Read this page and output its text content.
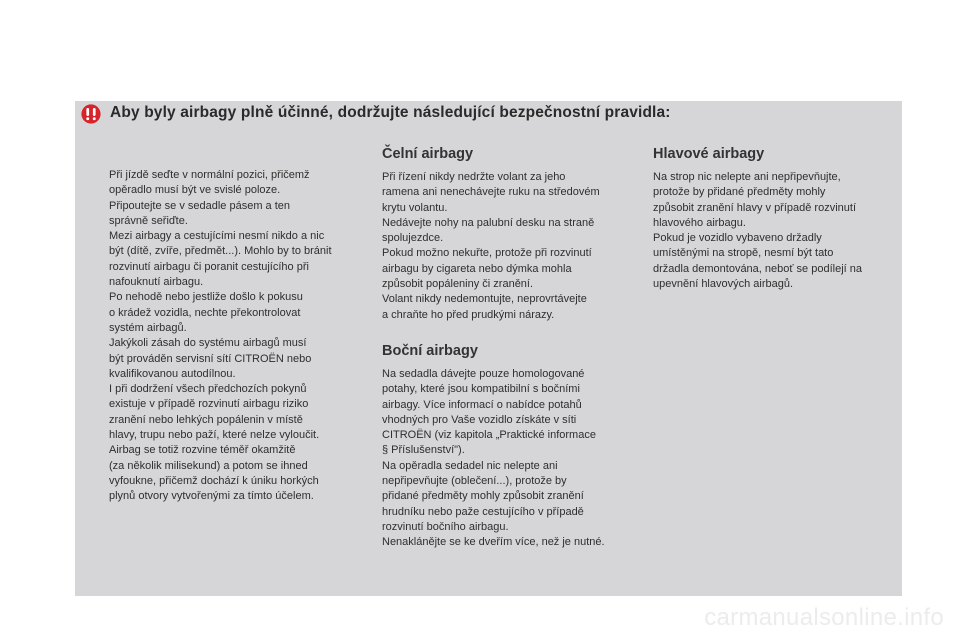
Aby byly airbagy plně účinné, dodržujte následující bezpečnostní pravidla:

Při jízdě seďte v normální pozici, přičemž
opěradlo musí být ve svislé poloze.
Připoutejte se v sedadle pásem a ten
správně seřiďte.
Mezi airbagy a cestujícími nesmí nikdo a nic
být (dítě, zvíře, předmět...). Mohlo by to bránit
rozvinutí airbagu či poranit cestujícího při
nafouknutí airbagu.
Po nehodě nebo jestliže došlo k pokusu
o krádež vozidla, nechte překontrolovat
systém airbagů.
Jakýkoli zásah do systému airbagů musí
být prováděn servisní sítí CITROËN nebo
kvalifikovanou autodílnou.
I při dodržení všech předchozích pokynů
existuje v případě rozvinutí airbagu riziko
zranění nebo lehkých popálenin v místě
hlavy, trupu nebo paží, které nelze vyloučit.
Airbag se totiž rozvine téměř okamžitě
(za několik milisekund) a potom se ihned
vyfoukne, přičemž dochází k úniku horkých
plynů otvory vytvořenými za tímto účelem.

Čelní airbagy

Při řízení nikdy nedržte volant za jeho
ramena ani nenechávejte ruku na středovém
krytu volantu.
Nedávejte nohy na palubní desku na straně
spolujezdce.
Pokud možno nekuřte, protože při rozvinutí
airbagu by cigareta nebo dýmka mohla
způsobit popáleniny či zranění.
Volant nikdy nedemontujte, neprovrtávejte
a chraňte ho před prudkými nárazy.

Boční airbagy

Na sedadla dávejte pouze homologované
potahy, které jsou kompatibilní s bočními
airbagy. Více informací o nabídce potahů
vhodných pro Vaše vozidlo získáte v síti
CITROËN (viz kapitola „Praktické informace
§ Příslušenství").
Na opěradla sedadel nic nelepte ani
nepřipevňujte (oblečení...), protože by
přidané předměty mohly způsobit zranění
hrudníku nebo paže cestujícího v případě
rozvinutí bočního airbagu.
Nenaklánějte se ke dveřím více, než je nutné.

Hlavové airbagy

Na strop nic nelepte ani nepřipevňujte,
protože by přidané předměty mohly
způsobit zranění hlavy v případě rozvinutí
hlavového airbagu.
Pokud je vozidlo vybaveno držadly
umístěnými na stropě, nesmí být tato
držadla demontována, neboť se podílejí na
upevnění hlavových airbagů.

carmanualsonline.info
